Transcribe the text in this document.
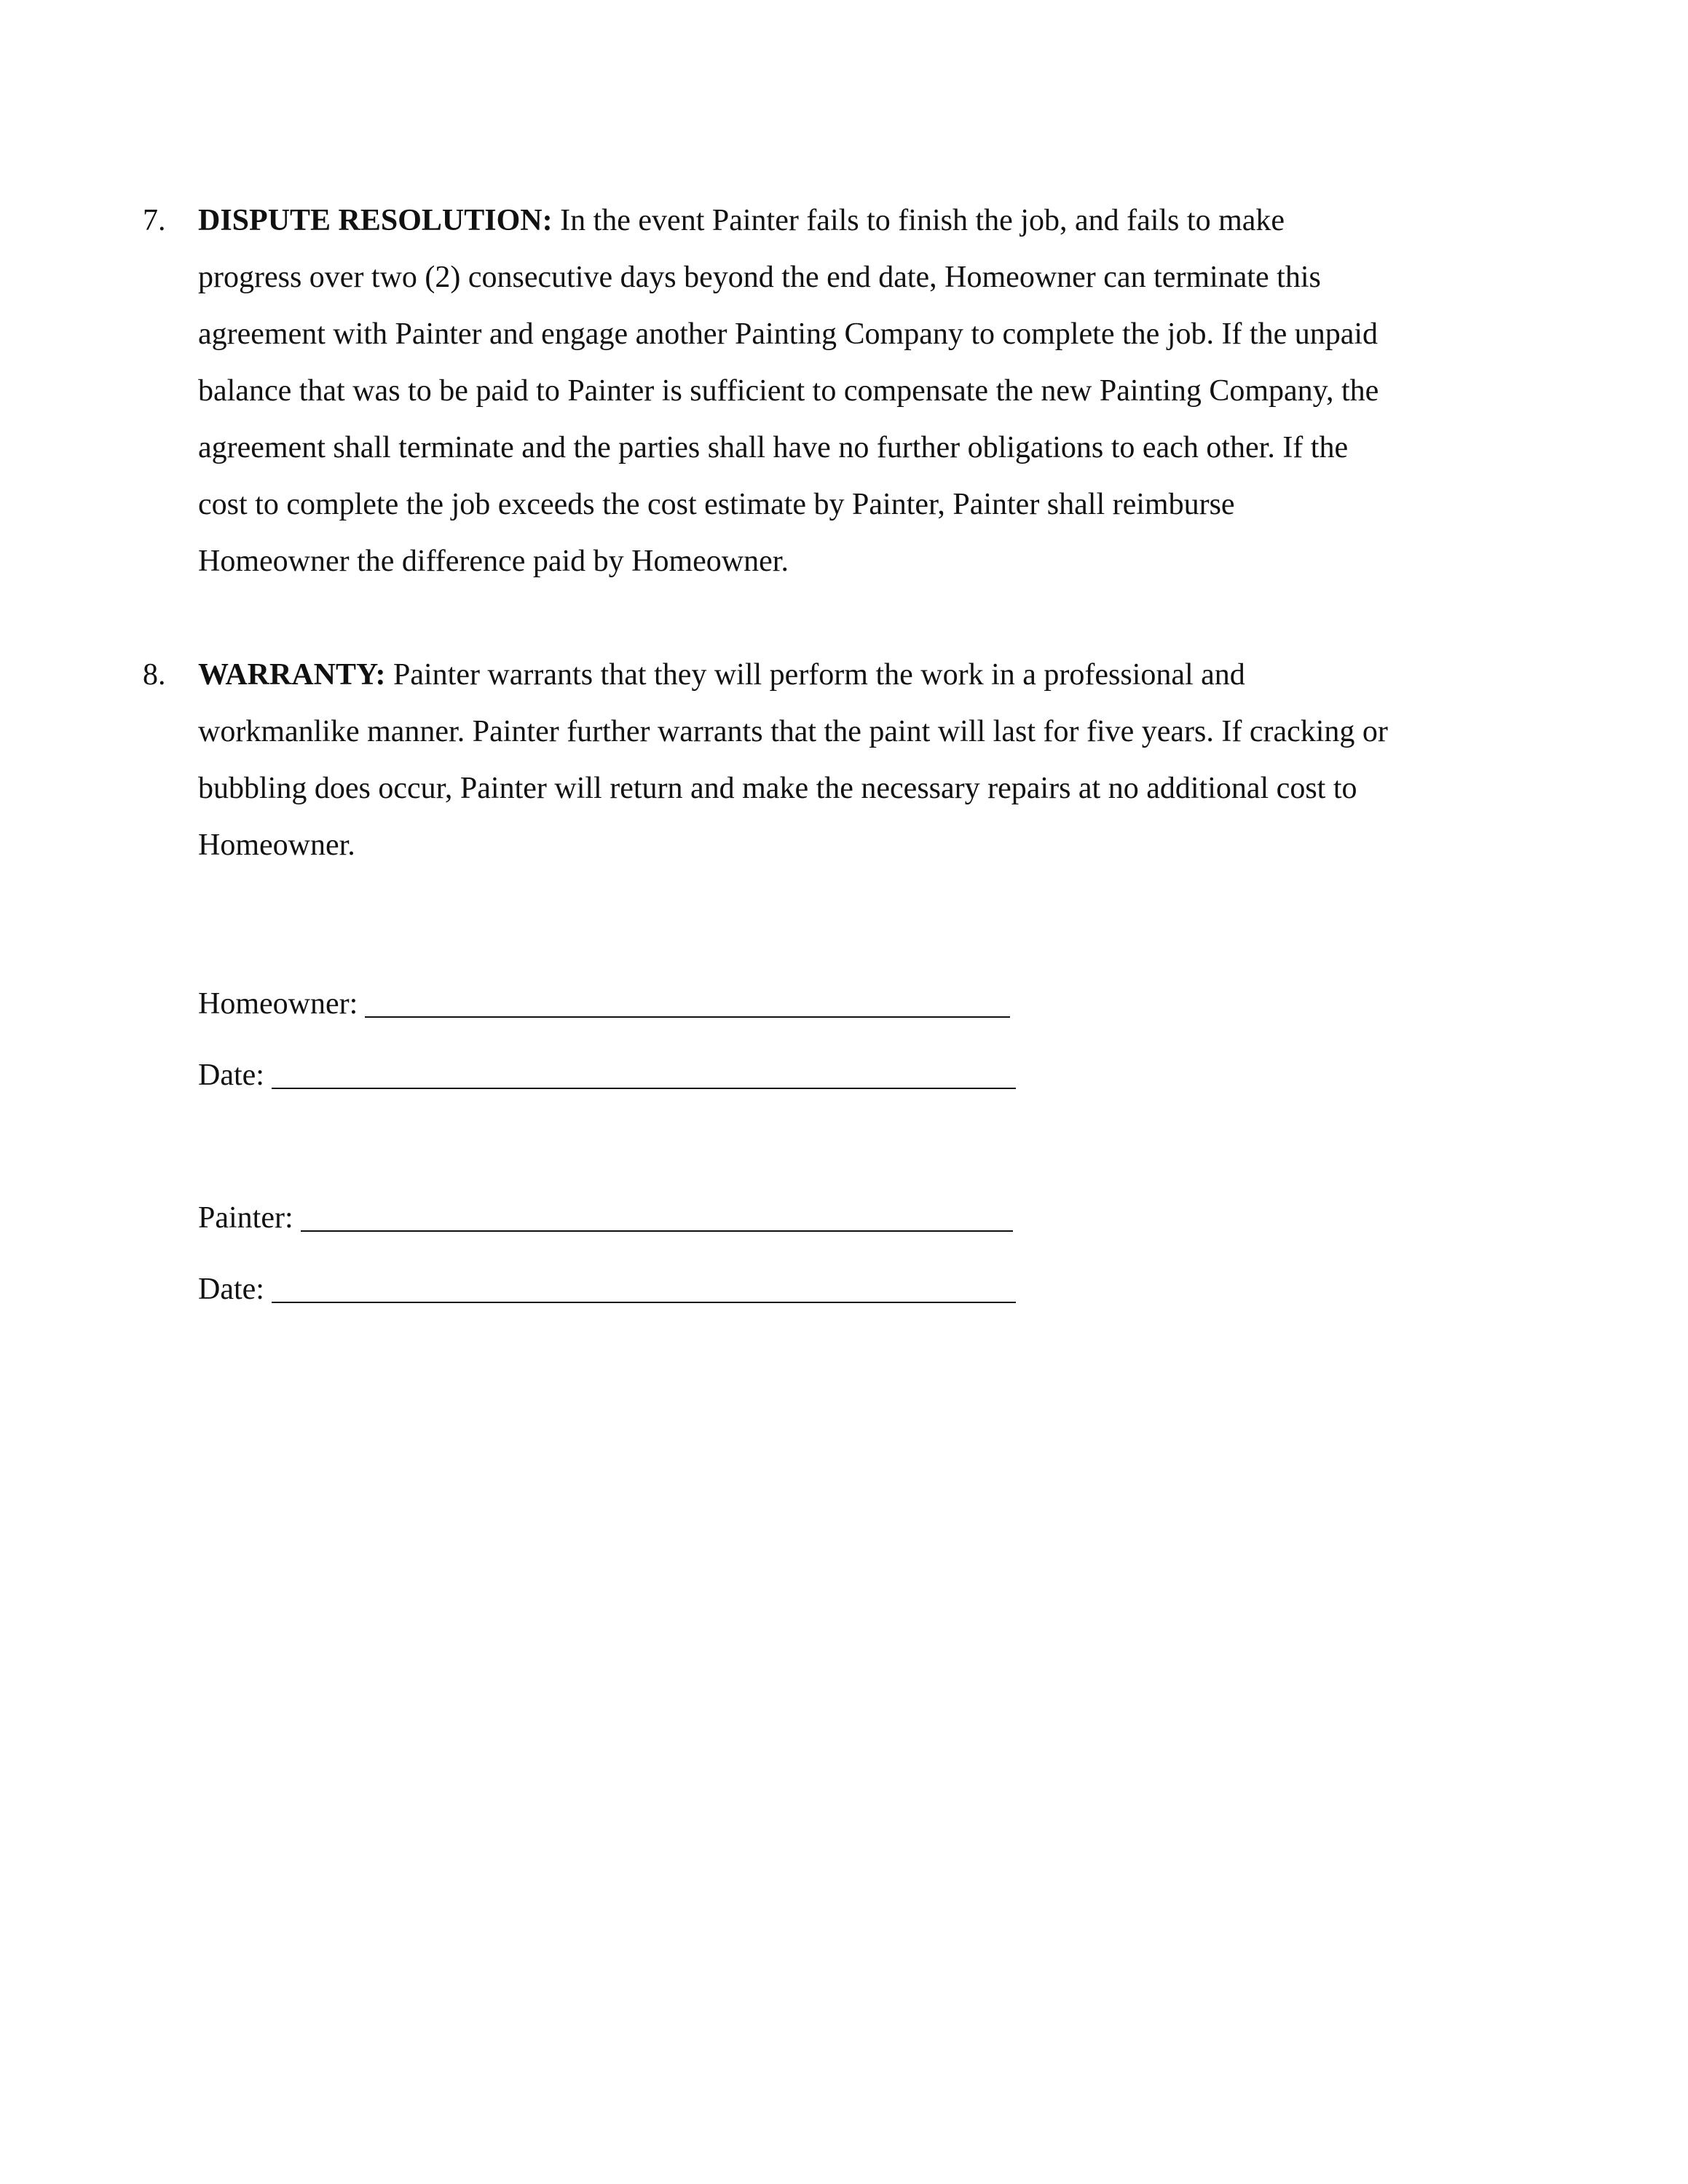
7. DISPUTE RESOLUTION: In the event Painter fails to finish the job, and fails to make
progress over two (2) consecutive days beyond the end date, Homeowner can terminate this
agreement with Painter and engage another Painting Company to complete the job. If the unpaid
balance that was to be paid to Painter is sufficient to compensate the new Painting Company, the
agreement shall terminate and the parties shall have no further obligations to each other. If the
cost to complete the job exceeds the cost estimate by Painter, Painter shall reimburse
Homeowner the difference paid by Homeowner.
8. WARRANTY: Painter warrants that they will perform the work in a professional and
workmanlike manner. Painter further warrants that the paint will last for five years. If cracking or
bubbling does occur, Painter will return and make the necessary repairs at no additional cost to
Homeowner.
Homeowner:
Date:
Painter:
Date:
